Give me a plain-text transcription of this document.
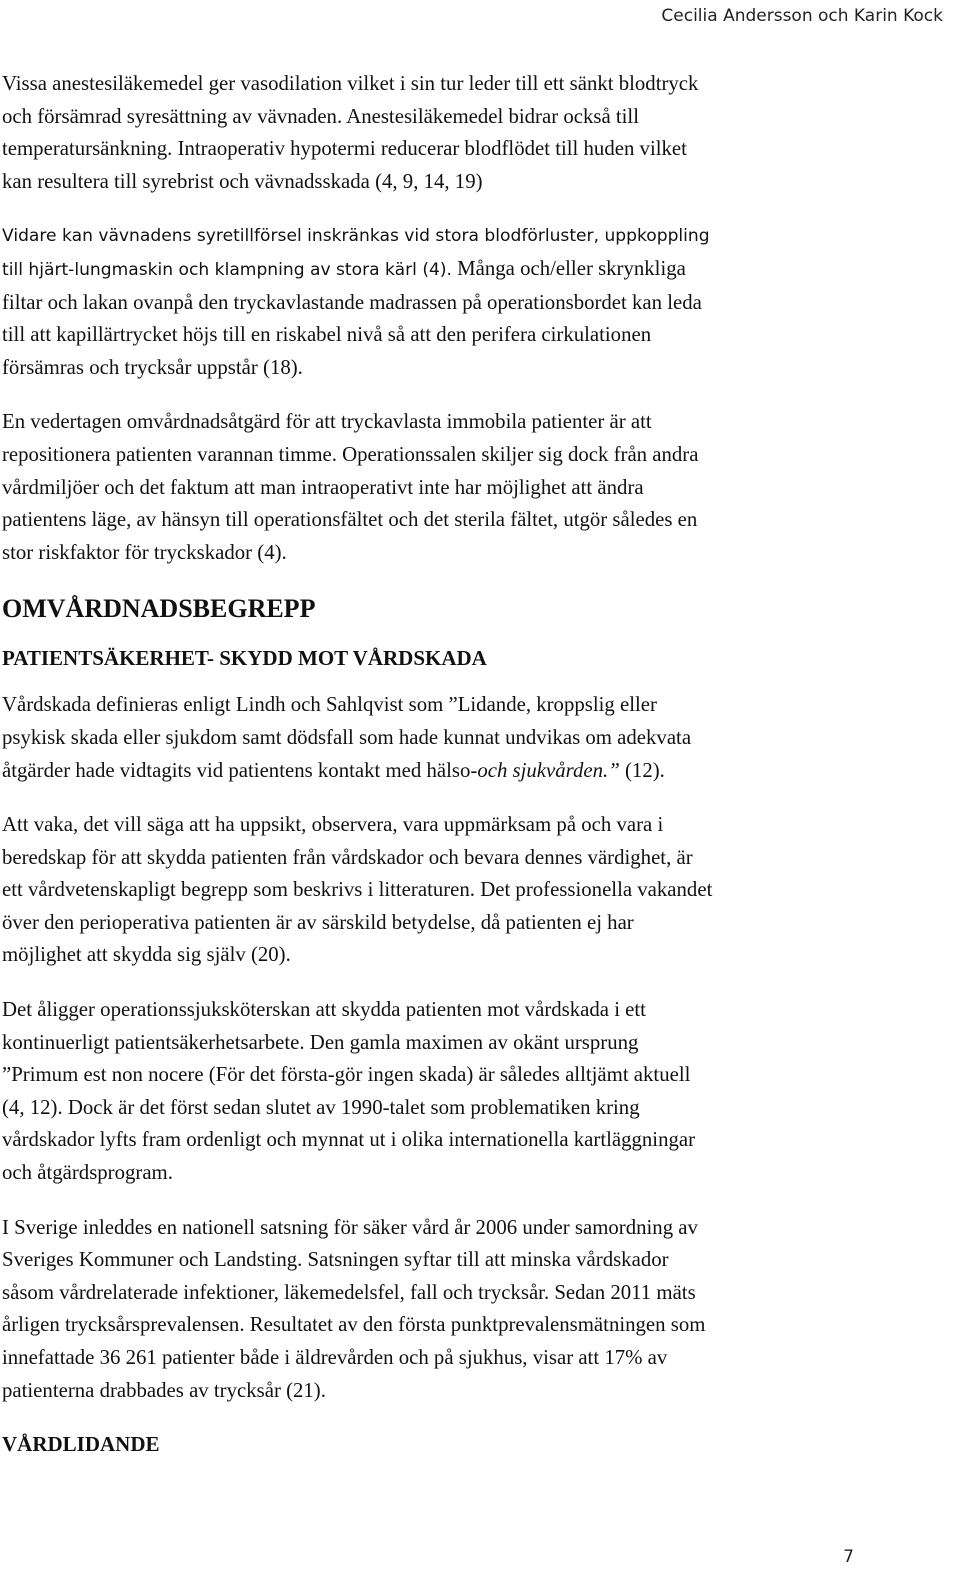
Cecilia Andersson och Karin Kock
Vissa anestesiläkemedel ger vasodilation vilket i sin tur leder till ett sänkt blodtryck
och försämrad syresättning av vävnaden. Anestesiläkemedel bidrar också till
temperatursänkning. Intraoperativ hypotermi reducerar blodflödet till huden vilket
kan resultera till syrebrist och vävnadsskada (4, 9, 14, 19)
Vidare kan vävnadens syretillförsel inskränkas vid stora blodförluster, uppkoppling
till hjärt-lungmaskin och klampning av stora kärl (4). Många och/eller skrynkliga
filtar och lakan ovanpå den tryckavlastande madrassen på operationsbordet kan leda
till att kapillärtrycket höjs till en riskabel nivå så att den perifera cirkulationen
försämras och trycksår uppstår (18).
En vedertagen omvårdnadsåtgärd för att tryckavlasta immobila patienter är att
repositionera patienten varannan timme. Operationssalen skiljer sig dock från andra
vårdmiljöer och det faktum att man intraoperativt inte har möjlighet att ändra
patientens läge, av hänsyn till operationsfältet och det sterila fältet, utgör således en
stor riskfaktor för tryckskador (4).
OMVÅRDNADSBEGREPP
PATIENTSÄKERHET- SKYDD MOT VÅRDSKADA
Vårdskada definieras enligt Lindh och Sahlqvist som ”Lidande, kroppslig eller
psykisk skada eller sjukdom samt dödsfall som hade kunnat undvikas om adekvata
åtgärder hade vidtagits vid patientens kontakt med hälso-och sjukvården.” (12).
Att vaka, det vill säga att ha uppsikt, observera, vara uppmärksam på och vara i
beredskap för att skydda patienten från vårdskador och bevara dennes värdighet, är
ett vårdvetenskapligt begrepp som beskrivs i litteraturen. Det professionella vakandet
över den perioperativa patienten är av särskild betydelse, då patienten ej har
möjlighet att skydda sig själv (20).
Det åligger operationssjuksköterskan att skydda patienten mot vårdskada i ett
kontinuerligt patientsäkerhetsarbete. Den gamla maximen av okänt ursprung
”Primum est non nocere (För det första-gör ingen skada) är således alltjämt aktuell
(4, 12). Dock är det först sedan slutet av 1990-talet som problematiken kring
vårdskador lyfts fram ordenligt och mynnat ut i olika internationella kartläggningar
och åtgärdsprogram.
I Sverige inleddes en nationell satsning för säker vård år 2006 under samordning av
Sveriges Kommuner och Landsting. Satsningen syftar till att minska vårdskador
såsom vårdrelaterade infektioner, läkemedelsfel, fall och trycksår. Sedan 2011 mäts
årligen trycksårsprevalensen. Resultatet av den första punktprevalensmätningen som
innefattade 36 261 patienter både i äldrevården och på sjukhus, visar att 17% av
patienterna drabbades av trycksår (21).
VÅRDLIDANDE
7
